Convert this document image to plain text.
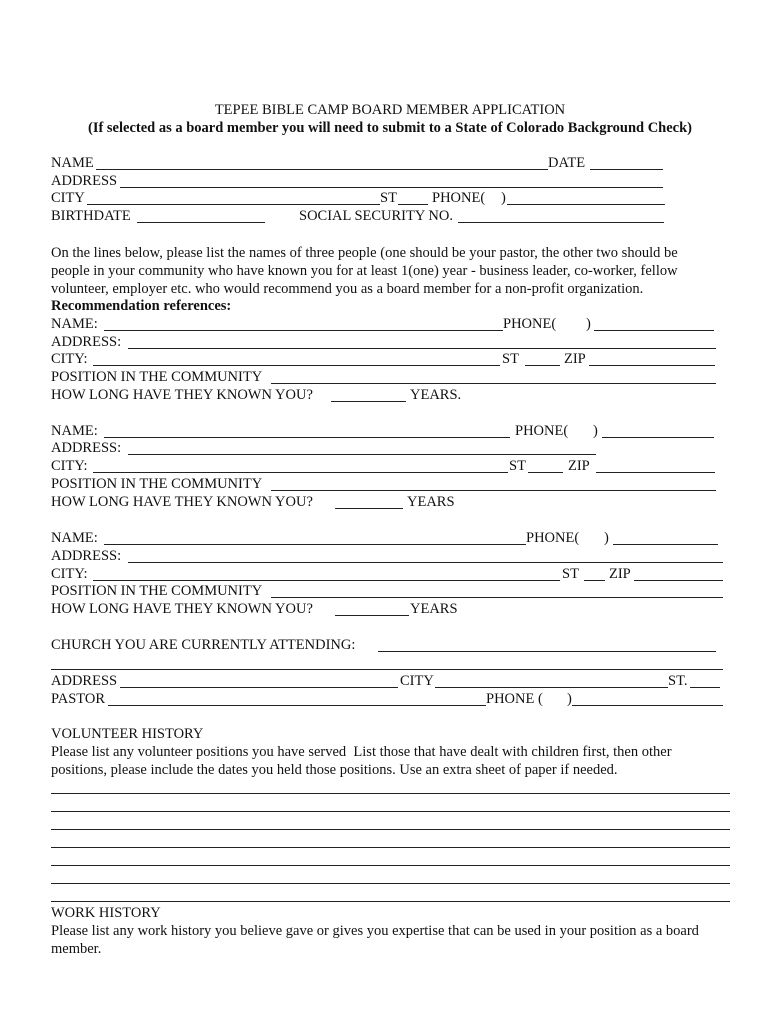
TEPEE BIBLE CAMP BOARD MEMBER APPLICATION
(If selected as a board member you will need to submit to a State of Colorado Background Check)
NAME	DATE
ADDRESS
CITY	ST PHONE( )
BIRTHDATE	SOCIAL SECURITY NO.
On the lines below, please list the names of three people (one should be your pastor, the other two should be
people in your community who have known you for at least 1(one) year - business leader, co-worker, fellow
volunteer, employer etc. who would recommend you as a board member for a non-profit organization.
Recommendation references:
NAME:	PHONE( )
ADDRESS:
CITY:	ST	ZIP
POSITION IN THE COMMUNITY
HOW LONG HAVE THEY KNOWN YOU?	YEARS.
NAME:	PHONE( )
ADDRESS:
CITY:	ST	ZIP
POSITION IN THE COMMUNITY
HOW LONG HAVE THEY KNOWN YOU?	YEARS
NAME:	PHONE( )
ADDRESS:
CITY:	ST ZIP
POSITION IN THE COMMUNITY
HOW LONG HAVE THEY KNOWN YOU?	YEARS
CHURCH YOU ARE CURRENTLY ATTENDING:
ADDRESS	CITY	ST.
PASTOR	PHONE ( )
VOLUNTEER HISTORY
Please list any volunteer positions you have served  List those that have dealt with children first, then other
positions, please include the dates you held those positions. Use an extra sheet of paper if needed.
WORK HISTORY
Please list any work history you believe gave or gives you expertise that can be used in your position as a board
member.
